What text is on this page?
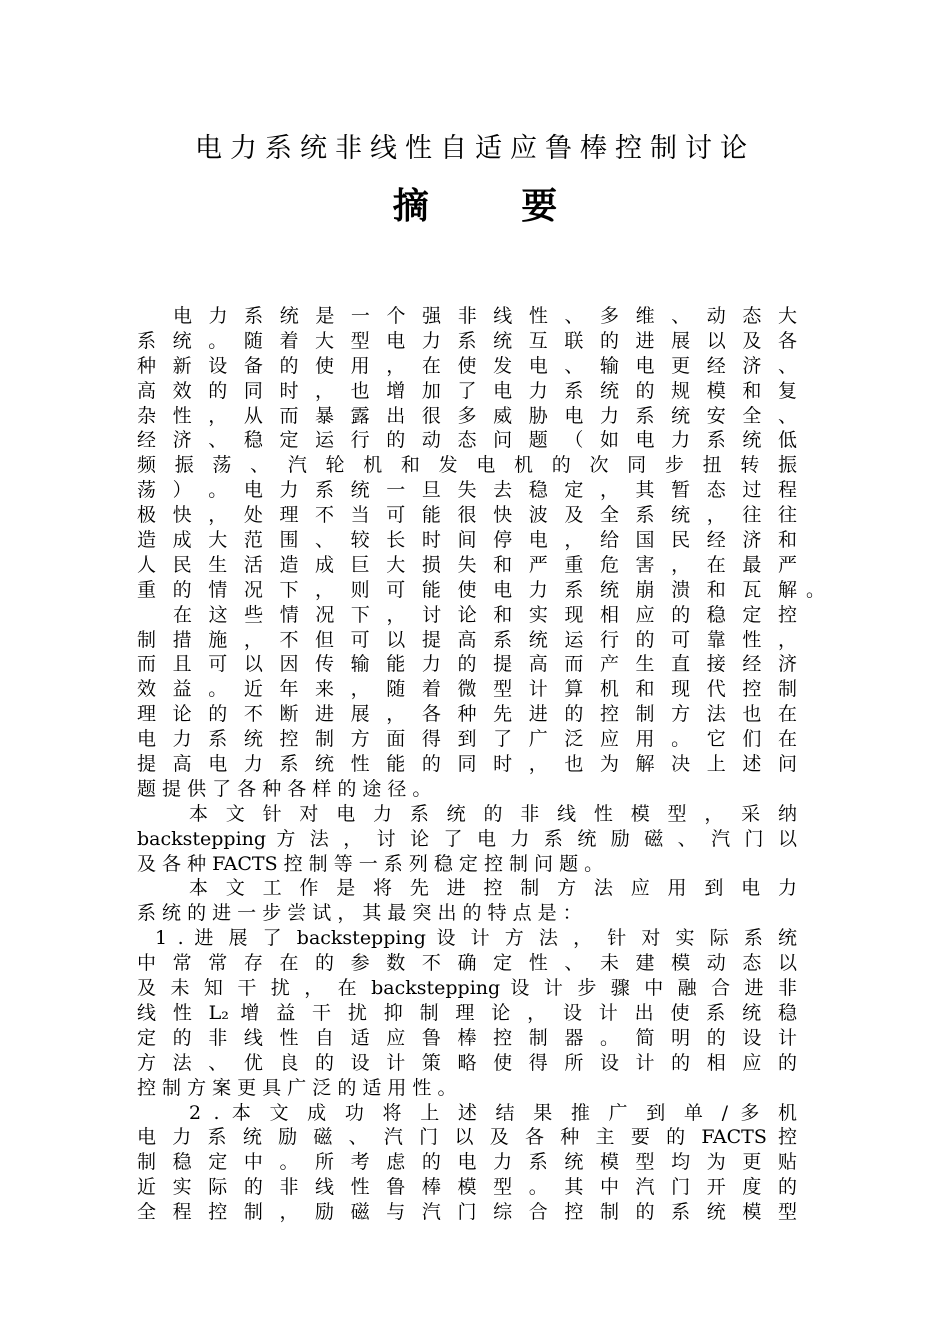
电力系统非线性自适应鲁棒控制讨论
摘 要
电 力 系 统 是 一 个 强 非 线 性 、 多 维 、 动 态 大
系 统 。 随 着 大 型 电 力 系 统 互 联 的 进 展 以 及 各
种 新 设 备 的 使 用 ， 在 使 发 电 、 输 电 更 经 济 、
高 效 的 同 时 ， 也 增 加 了 电 力 系 统 的 规 模 和 复
杂 性 ， 从 而 暴 露 出 很 多 威 胁 电 力 系 统 安 全 、
经 济 、 稳 定 运 行 的 动 态 问 题 （ 如 电 力 系 统 低
频 振 荡 、 汽 轮 机 和 发 电 机 的 次 同 步 扭 转 振
荡 ） 。 电 力 系 统 一 旦 失 去 稳 定 ， 其 暂 态 过 程
极 快 ， 处 理 不 当 可 能 很 快 波 及 全 系 统 ， 往 往
造 成 大 范 围 、 较 长 时 间 停 电 ， 给 国 民 经 济 和
人 民 生 活 造 成 巨 大 损 失 和 严 重 危 害 ， 在 最 严
重 的 情 况 下 ， 则 可 能 使 电 力 系 统 崩 溃 和 瓦 解 。
在 这 些 情 况 下 ， 讨 论 和 实 现 相 应 的 稳 定 控
制 措 施 ， 不 但 可 以 提 高 系 统 运 行 的 可 靠 性 ，
而 且 可 以 因 传 输 能 力 的 提 高 而 产 生 直 接 经 济
效 益 。 近 年 来 ， 随 着 微 型 计 算 机 和 现 代 控 制
理 论 的 不 断 进 展 ， 各 种 先 进 的 控 制 方 法 也 在
电 力 系 统 控 制 方 面 得 到 了 广 泛 应 用 。 它 们 在
提 高 电 力 系 统 性 能 的 同 时 ， 也 为 解 决 上 述 问
题 提 供 了 各 种 各 样 的 途 径 。
本 文 针 对 电 力 系 统 的 非 线 性 模 型 ， 采 纳
backstepping 方 法 ， 讨 论 了 电 力 系 统 励 磁 、 汽 门 以
及 各 种 FACTS 控 制 等 一 系 列 稳 定 控 制 问 题 。
本 文 工 作 是 将 先 进 控 制 方 法 应 用 到 电 力
系 统 的 进 一 步 尝 试 ， 其 最 突 出 的 特 点 是 ：
1 . 进 展 了 backstepping 设 计 方 法 ， 针 对 实 际 系 统
中 常 常 存 在 的 参 数 不 确 定 性 、 未 建 模 动 态 以
及 未 知 干 扰 ， 在 backstepping 设 计 步 骤 中 融 合 进 非
线 性 L₂ 增 益 干 扰 抑 制 理 论 ， 设 计 出 使 系 统 稳
定 的 非 线 性 自 适 应 鲁 棒 控 制 器 。 简 明 的 设 计
方 法 、 优 良 的 设 计 策 略 使 得 所 设 计 的 相 应 的
控 制 方 案 更 具 广 泛 的 适 用 性 。
2 . 本 文 成 功 将 上 述 结 果 推 广 到 单 / 多 机
电 力 系 统 励 磁 、 汽 门 以 及 各 种 主 要 的 FACTS 控
制 稳 定 中 。 所 考 虑 的 电 力 系 统 模 型 均 为 更 贴
近 实 际 的 非 线 性 鲁 棒 模 型 。 其 中 汽 门 开 度 的
全 程 控 制 ， 励 磁 与 汽 门 综 合 控 制 的 系 统 模 型
